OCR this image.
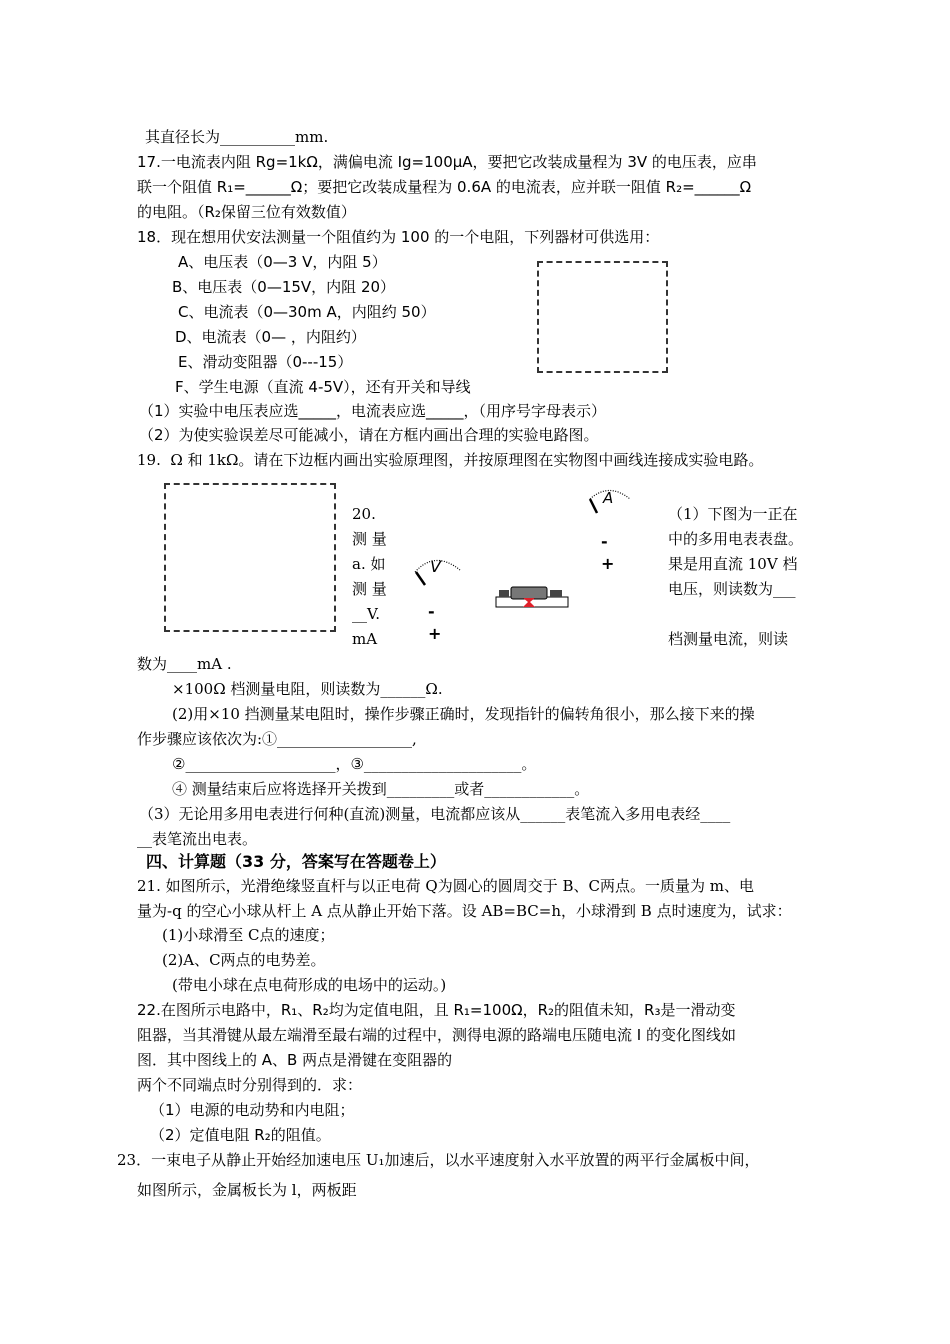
其直径长为__________mm.
17.一电流表内阻 Rg=1kΩ，满偏电流 Ig=100μA，要把它改装成量程为 3V 的电压表，应串
联一个阻值 R₁=______Ω；要把它改装成量程为 0.6A 的电流表，应并联一阻值 R₂=______Ω
的电阻。（R₂保留三位有效数值）
18．现在想用伏安法测量一个阻值约为 100 的一个电阻，下列器材可供选用：
A、电压表（0—3 V，内阻 5）
B、电压表（0—15V，内阻 20）
C、电流表（0—30m A，内阻约 50）
D、电流表（0— ，内阻约）
E、滑动变阻器（0---15）
F、学生电源（直流 4-5V），还有开关和导线
（1）实验中电压表应选_____，电流表应选_____，（用序号字母表示）
（2）为使实验误差尽可能减小，请在方框内画出合理的实验电路图。
19.  Ω 和 1kΩ。请在下边框内画出实验原理图，并按原理图在实物图中画线连接成实验电路。
20.
测 量
a. 如
测 量
__V.
mA
V
-
+
A
-
+
（1）下图为一正在
中的多用电表表盘。
果是用直流 10V 档
电压，则读数为___
档测量电流，则读
数为____mA .
×100Ω 档测量电阻，则读数为______Ω.
(2)用×10 挡测量某电阻时，操作步骤正确时，发现指针的偏转角很小，那么接下来的操
作步骤应该依次为:①__________________,
②____________________，③_____________________。
④ 测量结束后应将选择开关拨到_________或者____________。
（3）无论用多用电表进行何种(直流)测量，电流都应该从______表笔流入多用电表经____
__表笔流出电表。
四、计算题（33 分，答案写在答题卷上）
21. 如图所示，光滑绝缘竖直杆与以正电荷 Q为圆心的圆周交于 B、C两点。一质量为 m、电
量为-q 的空心小球从杆上 A 点从静止开始下落。设 AB=BC=h，小球滑到 B 点时速度为，试求：
(1)小球滑至 C点的速度；
(2)A、C两点的电势差。
(带电小球在点电荷形成的电场中的运动。)
22.在图所示电路中，R₁、R₂均为定值电阻，且 R₁=100Ω，R₂的阻值未知，R₃是一滑动变
阻器，当其滑键从最左端滑至最右端的过程中，测得电源的路端电压随电流 I 的变化图线如
图．其中图线上的 A、B 两点是滑键在变阻器的
两个不同端点时分别得到的．求：
（1）电源的电动势和内电阻；
（2）定值电阻 R₂的阻值。
23．一束电子从静止开始经加速电压 U₁加速后，以水平速度射入水平放置的两平行金属板中间，
如图所示，金属板长为 l，两板距
